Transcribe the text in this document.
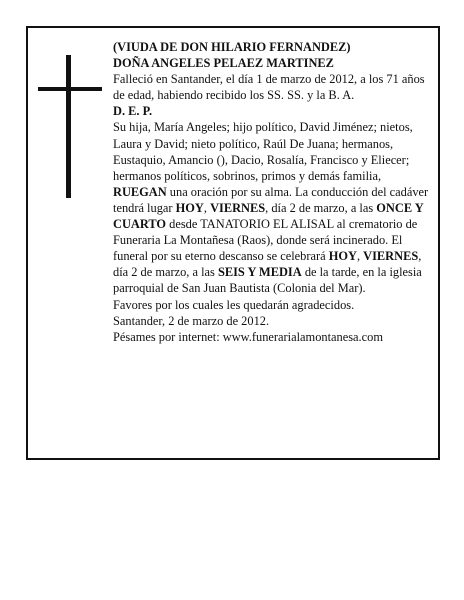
(VIUDA DE DON HILARIO FERNANDEZ)

DOÑA ANGELES PELAEZ MARTINEZ

Falleció en Santander, el día 1 de marzo de 2012, a los 71 años de edad, habiendo recibido los SS. SS. y la B. A.

D. E. P.

Su hija, María Angeles; hijo político, David Jiménez; nietos, Laura y David; nieto político, Raúl De Juana; hermanos, Eustaquio, Amancio (), Dacio, Rosalía, Francisco y Eliecer; hermanos políticos, sobrinos, primos y demás familia,

RUEGAN una oración por su alma. La conducción del cadáver tendrá lugar HOY, VIERNES, día 2 de marzo, a las ONCE Y CUARTO desde TANATORIO EL ALISAL al crematorio de Funeraria La Montañesa (Raos), donde será incinerado. El funeral por su eterno descanso se celebrará HOY, VIERNES, día 2 de marzo, a las SEIS Y MEDIA de la tarde, en la iglesia parroquial de San Juan Bautista (Colonia del Mar).

Favores por los cuales les quedarán agradecidos.

Santander, 2 de marzo de 2012.

Pésames por internet: www.funerarialamontanesa.com
